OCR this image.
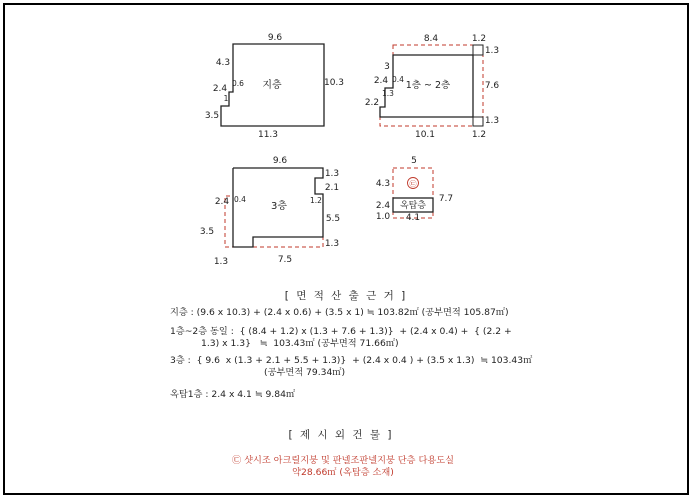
지층
9.6
10.3
11.3
4.3
2.4
3.5
0.6
1
1층 ~ 2층
8.4	1.2
1.3
7.6
1.3
10.1	1.2
3
2.4 0.4
1.3
2.2
3층
9.6
1.3
2.1
1.2
5.5
1.3
2.4 0.4
3.5
1.3	7.5
㉢
옥탑층
5
4.3
7.7
2.4
1.0 4.1
[ 면 적 산 출 근 거 ]
지층 : (9.6 x 10.3) + (2.4 x 0.6) + (3.5 x 1) ≒ 103.82㎡ (공부면적 105.87㎡)
1층~2층 동일 :  { (8.4 + 1.2) x (1.3 + 7.6 + 1.3)}  + (2.4 x 0.4) +  { (2.2 +
1.3) x 1.3}   ≒  103.43㎡ (공부면적 71.66㎡)
3층 :  { 9.6  x (1.3 + 2.1 + 5.5 + 1.3)}  + (2.4 x 0.4 ) + (3.5 x 1.3)  ≒ 103.43㎡
(공부면적 79.34㎡)
옥탑1층 : 2.4 x 4.1 ≒ 9.84㎡
[ 제 시 외 건 물 ]
㉢ 샷시조 아크릴지붕 및 판넬조판넬지붕 단층 다용도실
약28.66㎡ (옥탑층 소재)
